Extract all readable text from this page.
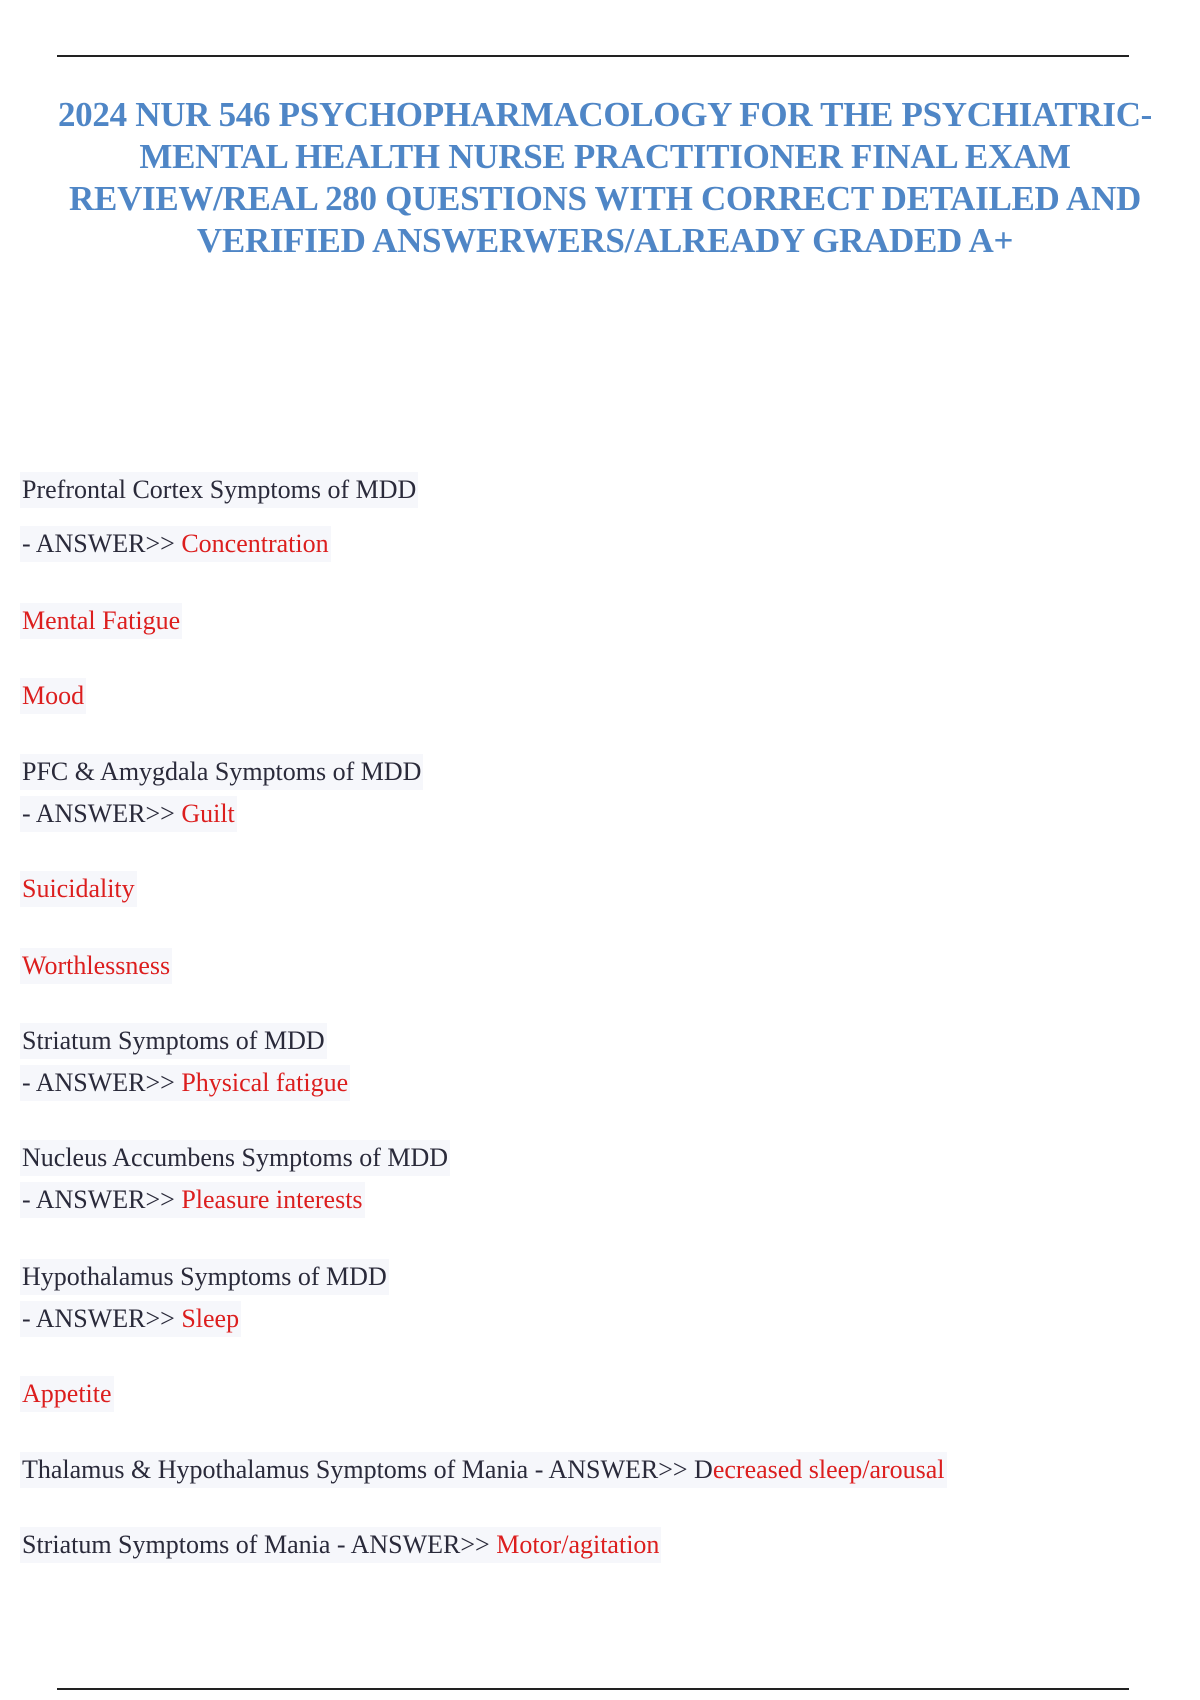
2024 NUR 546 PSYCHOPHARMACOLOGY FOR THE PSYCHIATRIC-MENTAL HEALTH NURSE PRACTITIONER FINAL EXAM REVIEW/REAL 280 QUESTIONS WITH CORRECT DETAILED AND VERIFIED ANSWERWERS/ALREADY GRADED A+
Prefrontal Cortex Symptoms of MDD
- ANSWER>> Concentration
Mental Fatigue
Mood
PFC & Amygdala Symptoms of MDD
- ANSWER>> Guilt
Suicidality
Worthlessness
Striatum Symptoms of MDD
- ANSWER>> Physical fatigue
Nucleus Accumbens Symptoms of MDD
- ANSWER>> Pleasure interests
Hypothalamus Symptoms of MDD
- ANSWER>> Sleep
Appetite
Thalamus & Hypothalamus Symptoms of Mania - ANSWER>> Decreased sleep/arousal
Striatum Symptoms of Mania - ANSWER>> Motor/agitation
